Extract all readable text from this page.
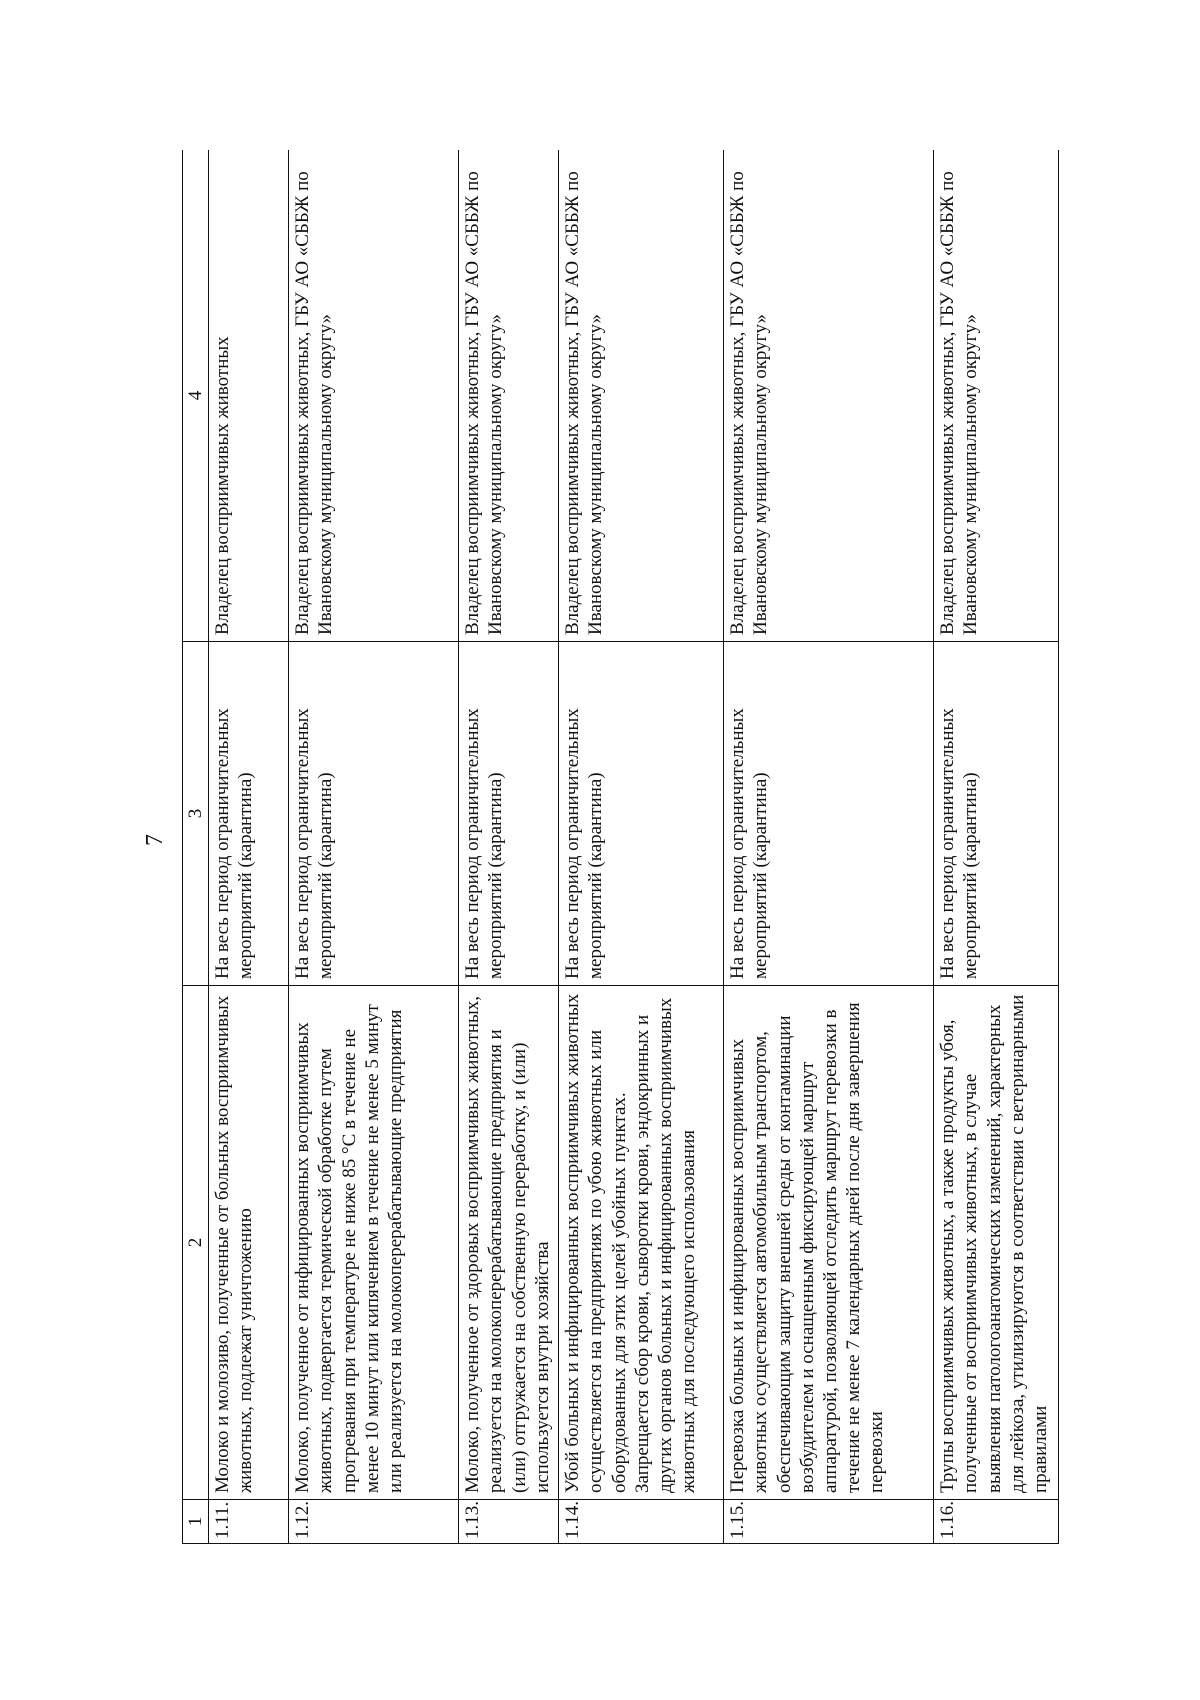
7
1	2	3	4
1.11.	Молоко и молозиво, полученные от больных восприимчивых животных, подлежат уничтожению	На весь период ограничительных мероприятий (карантина)	Владелец восприимчивых животных
1.12.	Молоко, полученное от инфицированных восприимчивых животных, подвергается термической обработке путем прогревания при температуре не ниже 85 °С в течение не менее 10 минут или кипячением в течение не менее 5 минут или реализуется на молокоперерабатывающие предприятия	На весь период ограничительных мероприятий (карантина)	Владелец восприимчивых животных, ГБУ АО «СББЖ по Ивановскому муниципальному округу»
1.13.	Молоко, полученное от здоровых восприимчивых животных, реализуется на молокоперерабатывающие предприятия и (или) отгружается на собственную переработку, и (или) используется внутри хозяйства	На весь период ограничительных мероприятий (карантина)	Владелец восприимчивых животных, ГБУ АО «СББЖ по Ивановскому муниципальному округу»
1.14.	Убой больных и инфицированных восприимчивых животных осуществляется на предприятиях по убою животных или оборудованных для этих целей убойных пунктах. Запрещается сбор крови, сыворотки крови, эндокринных и других органов больных и инфицированных восприимчивых животных для последующего использования	На весь период ограничительных мероприятий (карантина)	Владелец восприимчивых животных, ГБУ АО «СББЖ по Ивановскому муниципальному округу»
1.15.	Перевозка больных и инфицированных восприимчивых животных осуществляется автомобильным транспортом, обеспечивающим защиту внешней среды от контаминации возбудителем и оснащенным фиксирующей маршрут аппаратурой, позволяющей отследить маршрут перевозки в течение не менее 7 календарных дней после дня завершения перевозки	На весь период ограничительных мероприятий (карантина)	Владелец восприимчивых животных, ГБУ АО «СББЖ по Ивановскому муниципальному округу»
1.16.	Трупы восприимчивых животных, а также продукты убоя, полученные от восприимчивых животных, в случае выявления патологоанатомических изменений, характерных для лейкоза, утилизируются в соответствии с ветеринарными правилами	На весь период ограничительных мероприятий (карантина)	Владелец восприимчивых животных, ГБУ АО «СББЖ по Ивановскому муниципальному округу»
